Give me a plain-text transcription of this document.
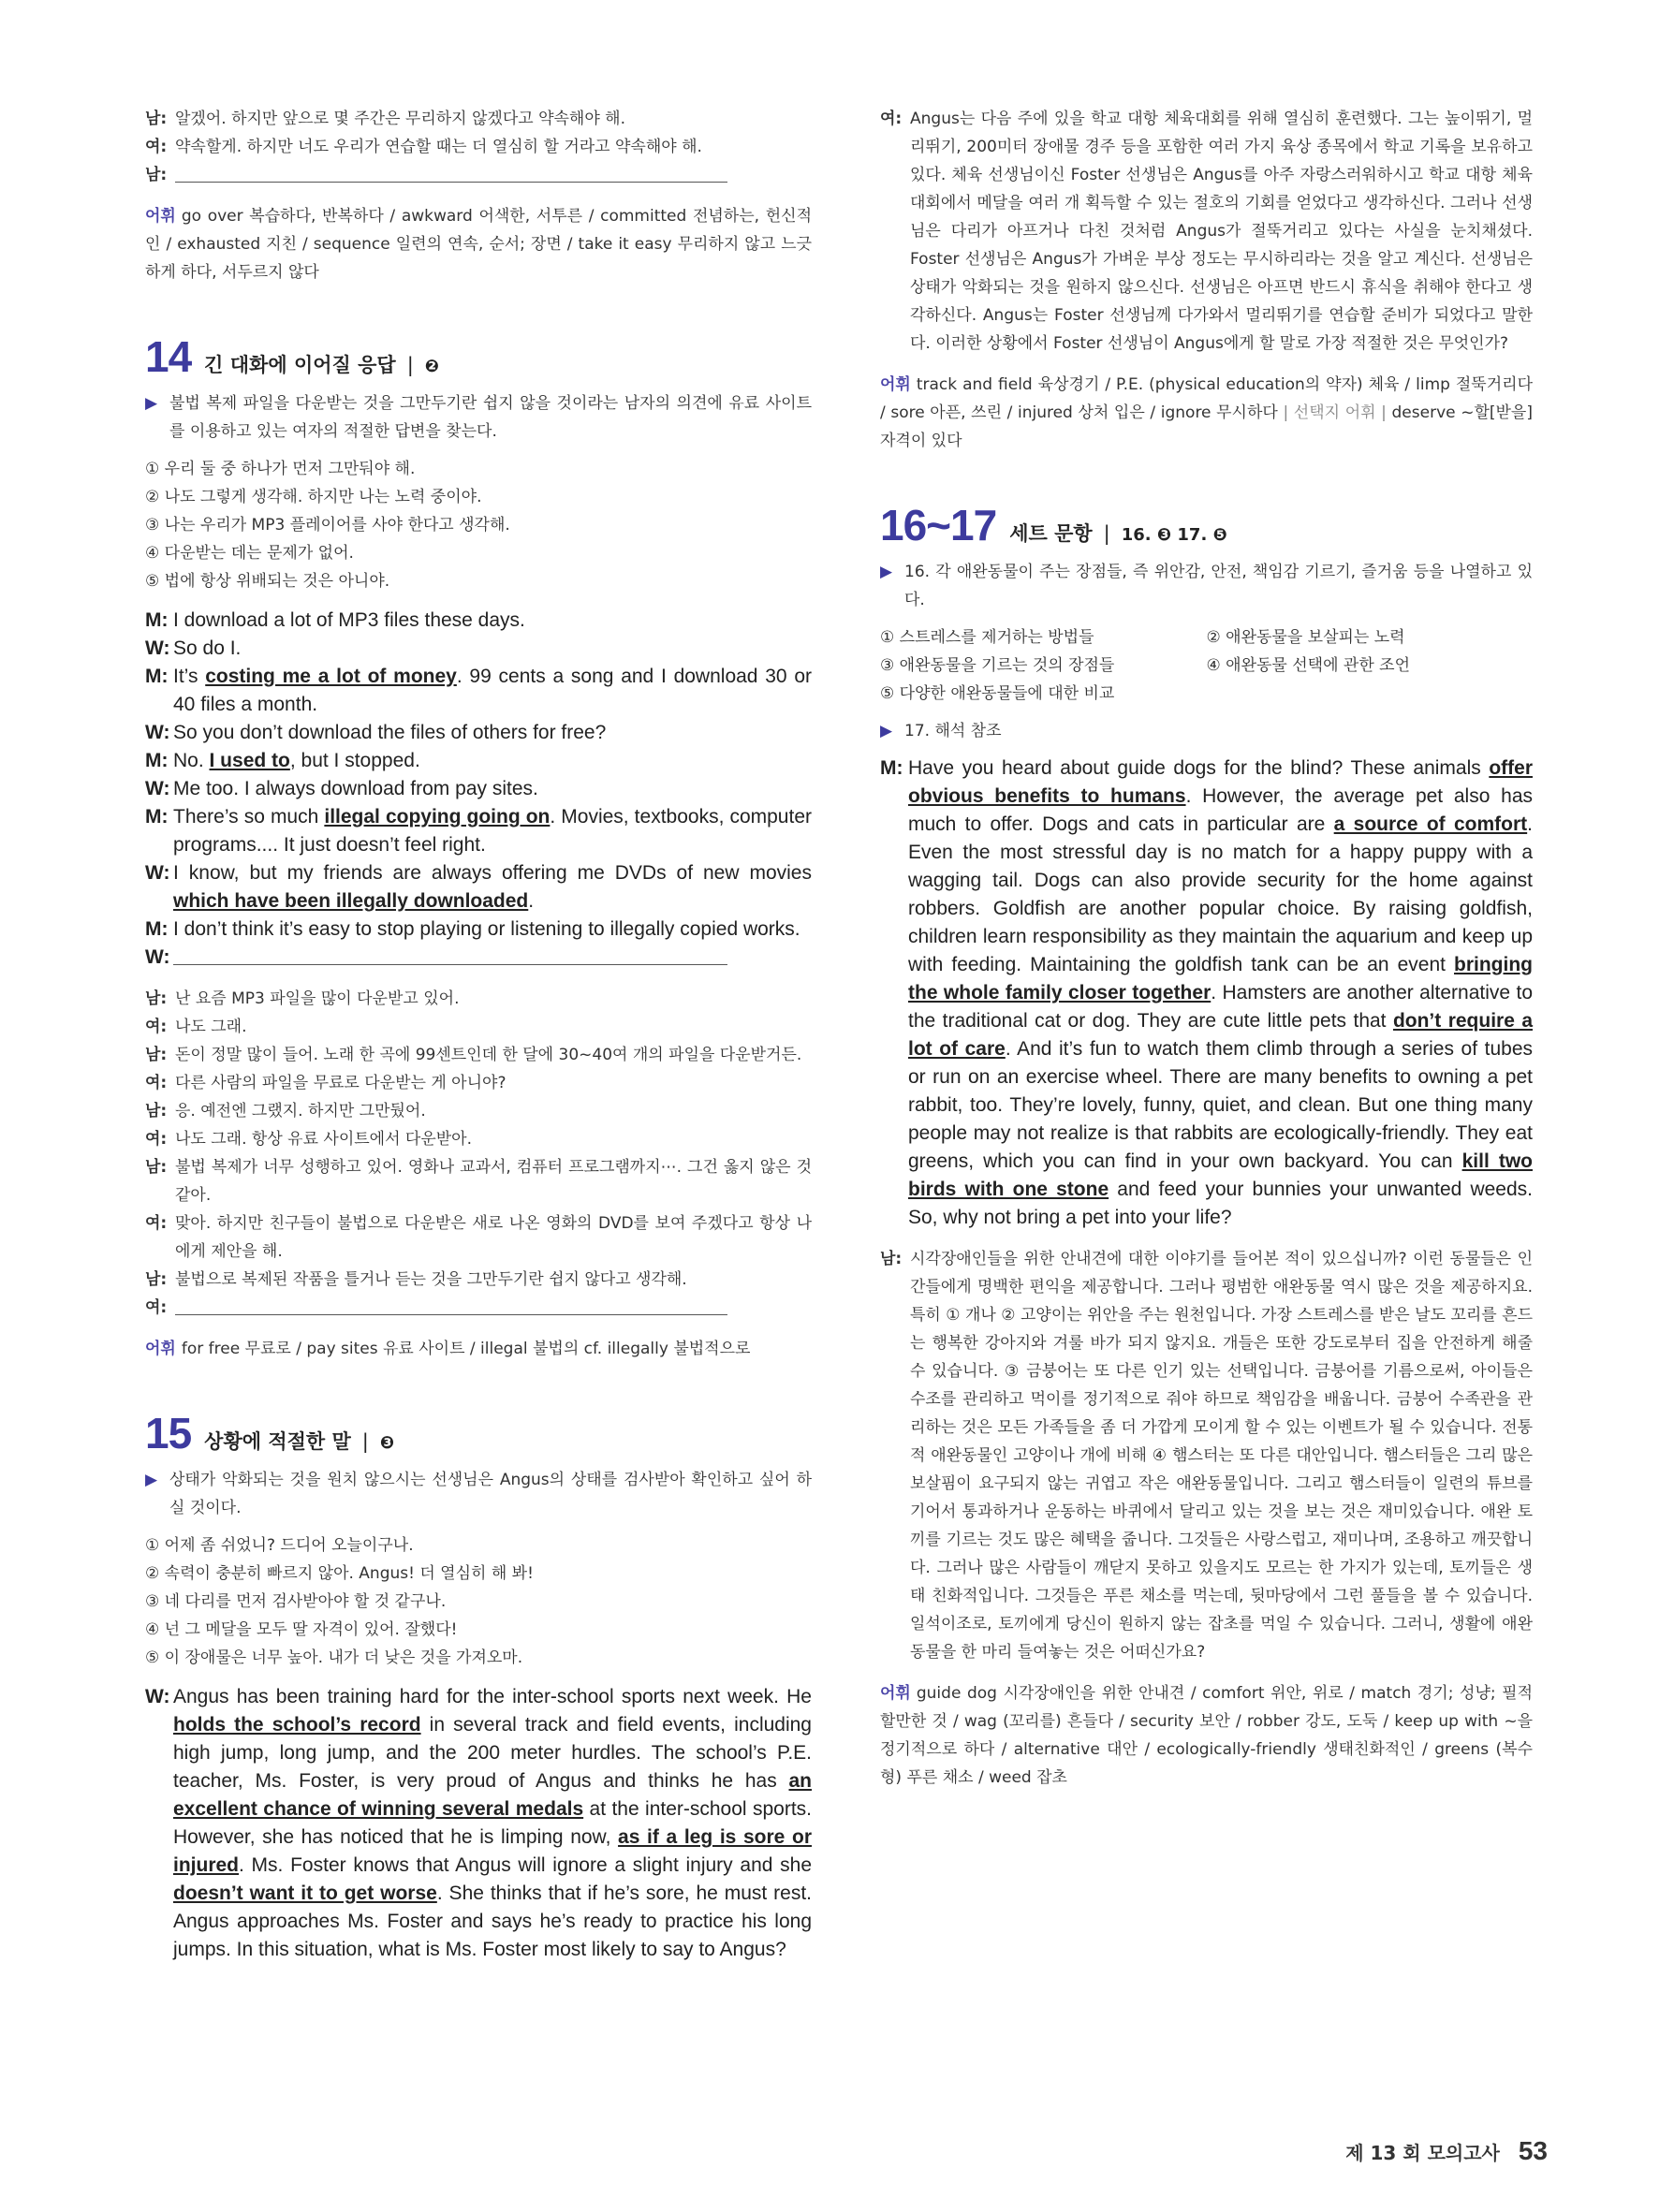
남: 알겠어. 하지만 앞으로 몇 주간은 무리하지 않겠다고 약속해야 해.
여: 약속할게. 하지만 너도 우리가 연습할 때는 더 열심히 할 거라고 약속해야 해.
남:
어휘 go over 복습하다, 반복하다 / awkward 어색한, 서투른 / committed 전념하는, 헌신적인 / exhausted 지친 / sequence 일련의 연속, 순서; 장면 / take it easy 무리하지 않고 느긋하게 하다, 서두르지 않다
14 긴 대화에 이어질 응답 | ❷
▶ 불법 복제 파일을 다운받는 것을 그만두기란 쉽지 않을 것이라는 남자의 의견에 유료 사이트를 이용하고 있는 여자의 적절한 답변을 찾는다.
① 우리 둘 중 하나가 먼저 그만둬야 해.
② 나도 그렇게 생각해. 하지만 나는 노력 중이야.
③ 나는 우리가 MP3 플레이어를 사야 한다고 생각해.
④ 다운받는 데는 문제가 없어.
⑤ 법에 항상 위배되는 것은 아니야.
M: I download a lot of MP3 files these days.
W: So do I.
M: It’s costing me a lot of money. 99 cents a song and I download 30 or 40 files a month.
W: So you don’t download the files of others for free?
M: No. I used to, but I stopped.
W: Me too. I always download from pay sites.
M: There’s so much illegal copying going on. Movies, textbooks, computer programs.... It just doesn’t feel right.
W: I know, but my friends are always offering me DVDs of new movies which have been illegally downloaded.
M: I don’t think it’s easy to stop playing or listening to illegally copied works.
W:
남: 난 요즘 MP3 파일을 많이 다운받고 있어.
여: 나도 그래.
남: 돈이 정말 많이 들어. 노래 한 곡에 99센트인데 한 달에 30~40여 개의 파일을 다운받거든.
여: 다른 사람의 파일을 무료로 다운받는 게 아니야?
남: 응. 예전엔 그랬지. 하지만 그만뒀어.
여: 나도 그래. 항상 유료 사이트에서 다운받아.
남: 불법 복제가 너무 성행하고 있어. 영화나 교과서, 컴퓨터 프로그램까지⋯. 그건 옳지 않은 것 같아.
여: 맞아. 하지만 친구들이 불법으로 다운받은 새로 나온 영화의 DVD를 보여 주겠다고 항상 나에게 제안을 해.
남: 불법으로 복제된 작품을 틀거나 듣는 것을 그만두기란 쉽지 않다고 생각해.
여:
어휘 for free 무료로 / pay sites 유료 사이트 / illegal 불법의 cf. illegally 불법적으로
15 상황에 적절한 말 | ❸
▶ 상태가 악화되는 것을 원치 않으시는 선생님은 Angus의 상태를 검사받아 확인하고 싶어 하실 것이다.
① 어제 좀 쉬었니? 드디어 오늘이구나.
② 속력이 충분히 빠르지 않아. Angus! 더 열심히 해 봐!
③ 네 다리를 먼저 검사받아야 할 것 같구나.
④ 넌 그 메달을 모두 딸 자격이 있어. 잘했다!
⑤ 이 장애물은 너무 높아. 내가 더 낮은 것을 가져오마.
W: Angus has been training hard for the inter-school sports next week. He holds the school’s record in several track and field events, including high jump, long jump, and the 200 meter hurdles. The school’s P.E. teacher, Ms. Foster, is very proud of Angus and thinks he has an excellent chance of winning several medals at the inter-school sports. However, she has noticed that he is limping now, as if a leg is sore or injured. Ms. Foster knows that Angus will ignore a slight injury and she doesn’t want it to get worse. She thinks that if he’s sore, he must rest. Angus approaches Ms. Foster and says he’s ready to practice his long jumps. In this situation, what is Ms. Foster most likely to say to Angus?
여: Angus는 다음 주에 있을 학교 대항 체육대회를 위해 열심히 훈련했다. 그는 높이뛰기, 멀리뛰기, 200미터 장애물 경주 등을 포함한 여러 가지 육상 종목에서 학교 기록을 보유하고 있다. 체육 선생님이신 Foster 선생님은 Angus를 아주 자랑스러워하시고 학교 대항 체육대회에서 메달을 여러 개 획득할 수 있는 절호의 기회를 얻었다고 생각하신다. 그러나 선생님은 다리가 아프거나 다친 것처럼 Angus가 절뚝거리고 있다는 사실을 눈치채셨다. Foster 선생님은 Angus가 가벼운 부상 정도는 무시하리라는 것을 알고 계신다. 선생님은 상태가 악화되는 것을 원하지 않으신다. 선생님은 아프면 반드시 휴식을 취해야 한다고 생각하신다. Angus는 Foster 선생님께 다가와서 멀리뛰기를 연습할 준비가 되었다고 말한다. 이러한 상황에서 Foster 선생님이 Angus에게 할 말로 가장 적절한 것은 무엇인가?
어휘 track and field 육상경기 / P.E. (physical education의 약자) 체육 / limp 절뚝거리다 / sore 아픈, 쓰린 / injured 상처 입은 / ignore 무시하다 | 선택지 어휘 | deserve ~할[받을] 자격이 있다
16~17 세트 문항 | 16. ❸ 17. ❺
▶ 16. 각 애완동물이 주는 장점들, 즉 위안감, 안전, 책임감 기르기, 즐거움 등을 나열하고 있다.
① 스트레스를 제거하는 방법들	② 애완동물을 보살피는 노력
③ 애완동물을 기르는 것의 장점들	④ 애완동물 선택에 관한 조언
⑤ 다양한 애완동물들에 대한 비교
▶ 17. 해석 참조
M: Have you heard about guide dogs for the blind? These animals offer obvious benefits to humans. However, the average pet also has much to offer. Dogs and cats in particular are a source of comfort. Even the most stressful day is no match for a happy puppy with a wagging tail. Dogs can also provide security for the home against robbers. Goldfish are another popular choice. By raising goldfish, children learn responsibility as they maintain the aquarium and keep up with feeding. Maintaining the goldfish tank can be an event bringing the whole family closer together. Hamsters are another alternative to the traditional cat or dog. They are cute little pets that don’t require a lot of care. And it’s fun to watch them climb through a series of tubes or run on an exercise wheel. There are many benefits to owning a pet rabbit, too. They’re lovely, funny, quiet, and clean. But one thing many people may not realize is that rabbits are ecologically-friendly. They eat greens, which you can find in your own backyard. You can kill two birds with one stone and feed your bunnies your unwanted weeds. So, why not bring a pet into your life?
남: 시각장애인들을 위한 안내견에 대한 이야기를 들어본 적이 있으십니까? 이런 동물들은 인간들에게 명백한 편익을 제공합니다. 그러나 평범한 애완동물 역시 많은 것을 제공하지요. 특히 ① 개나 ② 고양이는 위안을 주는 원천입니다. 가장 스트레스를 받은 날도 꼬리를 흔드는 행복한 강아지와 겨룰 바가 되지 않지요. 개들은 또한 강도로부터 집을 안전하게 해줄 수 있습니다. ③ 금붕어는 또 다른 인기 있는 선택입니다. 금붕어를 기름으로써, 아이들은 수조를 관리하고 먹이를 정기적으로 줘야 하므로 책임감을 배웁니다. 금붕어 수족관을 관리하는 것은 모든 가족들을 좀 더 가깝게 모이게 할 수 있는 이벤트가 될 수 있습니다. 전통적 애완동물인 고양이나 개에 비해 ④ 햄스터는 또 다른 대안입니다. 햄스터들은 그리 많은 보살핌이 요구되지 않는 귀엽고 작은 애완동물입니다. 그리고 햄스터들이 일련의 튜브를 기어서 통과하거나 운동하는 바퀴에서 달리고 있는 것을 보는 것은 재미있습니다. 애완 토끼를 기르는 것도 많은 혜택을 줍니다. 그것들은 사랑스럽고, 재미나며, 조용하고 깨끗합니다. 그러나 많은 사람들이 깨닫지 못하고 있을지도 모르는 한 가지가 있는데, 토끼들은 생태 친화적입니다. 그것들은 푸른 채소를 먹는데, 뒷마당에서 그런 풀들을 볼 수 있습니다. 일석이조로, 토끼에게 당신이 원하지 않는 잡초를 먹일 수 있습니다. 그러니, 생활에 애완동물을 한 마리 들여놓는 것은 어떠신가요?
어휘 guide dog 시각장애인을 위한 안내견 / comfort 위안, 위로 / match 경기; 성냥; 필적할만한 것 / wag (꼬리를) 흔들다 / security 보안 / robber 강도, 도둑 / keep up with ~을 정기적으로 하다 / alternative 대안 / ecologically-friendly 생태친화적인 / greens (복수형) 푸른 채소 / weed 잡초
제 13 회 모의고사 53
